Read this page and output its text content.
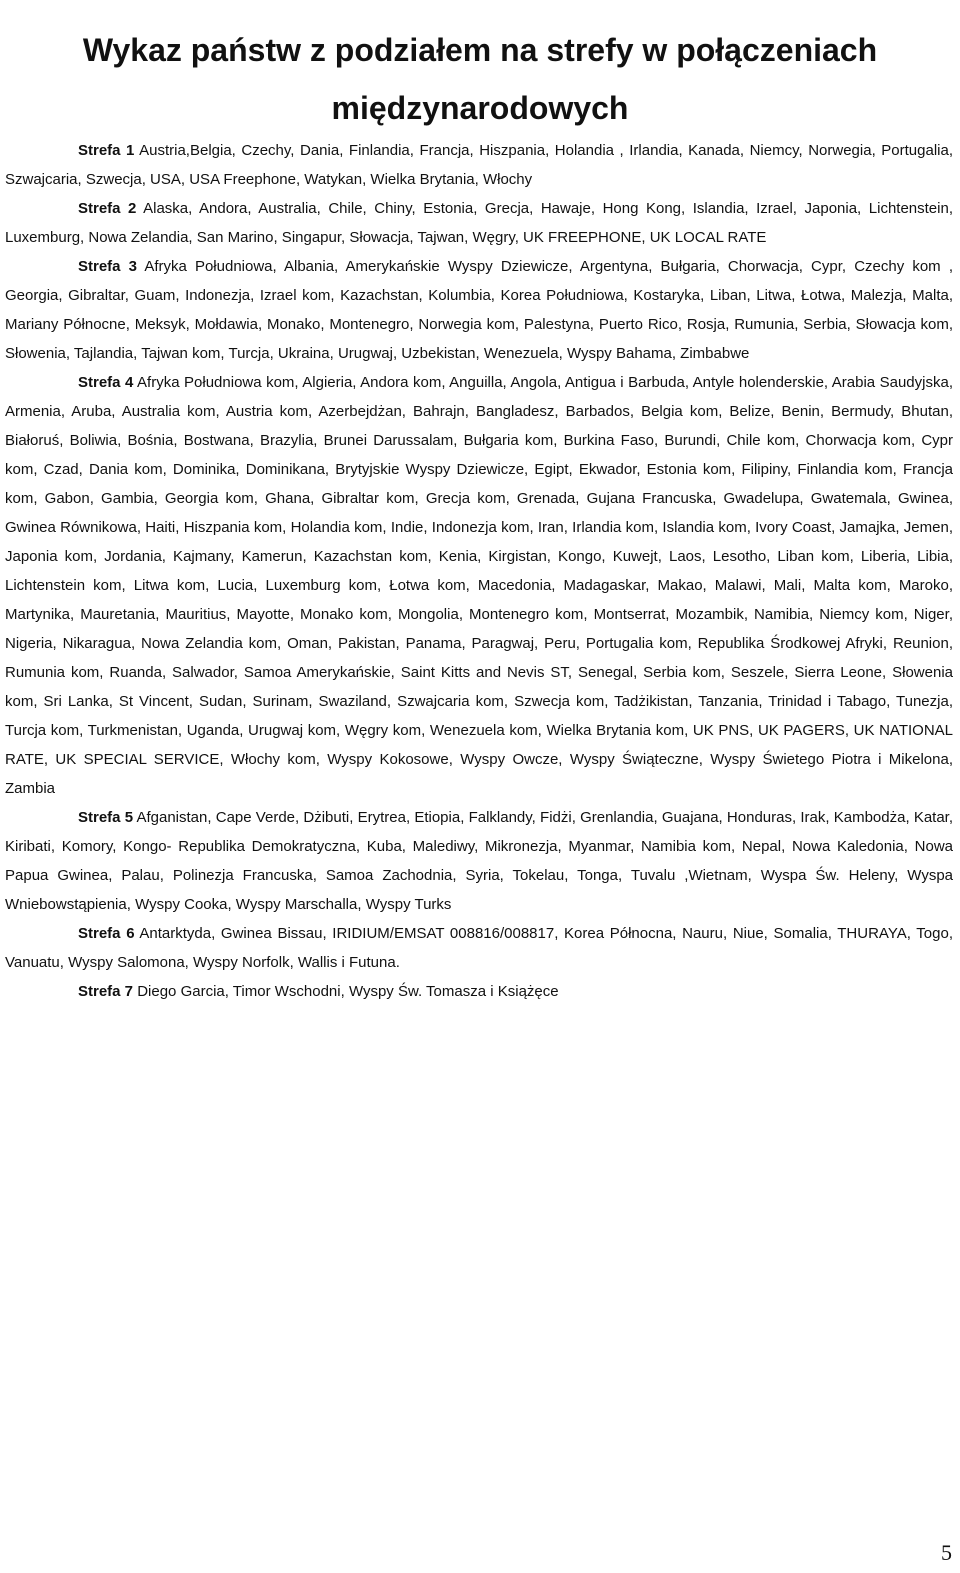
Wykaz państw z podziałem na strefy w połączeniach
międzynarodowych

Strefa 1 Austria,Belgia, Czechy, Dania, Finlandia, Francja, Hiszpania, Holandia , Irlandia, Kanada, Niemcy, Norwegia, Portugalia, Szwajcaria, Szwecja, USA, USA Freephone, Watykan, Wielka Brytania, Włochy

Strefa 2 Alaska, Andora, Australia, Chile, Chiny, Estonia, Grecja, Hawaje, Hong Kong, Islandia, Izrael, Japonia, Lichtenstein, Luxemburg, Nowa Zelandia, San Marino, Singapur, Słowacja, Tajwan, Węgry, UK FREEPHONE, UK LOCAL RATE

Strefa 3 Afryka Południowa, Albania, Amerykańskie Wyspy Dziewicze, Argentyna, Bułgaria, Chorwacja, Cypr, Czechy kom , Georgia, Gibraltar, Guam, Indonezja, Izrael kom, Kazachstan, Kolumbia, Korea Południowa, Kostaryka, Liban, Litwa, Łotwa, Malezja, Malta, Mariany Północne, Meksyk, Mołdawia, Monako, Montenegro, Norwegia kom, Palestyna, Puerto Rico, Rosja, Rumunia, Serbia, Słowacja kom, Słowenia, Tajlandia, Tajwan kom, Turcja, Ukraina, Urugwaj, Uzbekistan, Wenezuela, Wyspy Bahama, Zimbabwe

Strefa 4 Afryka Południowa kom, Algieria, Andora kom, Anguilla, Angola, Antigua i Barbuda, Antyle holenderskie, Arabia Saudyjska, Armenia, Aruba, Australia kom, Austria kom, Azerbejdżan, Bahrajn, Bangladesz, Barbados, Belgia kom, Belize, Benin, Bermudy, Bhutan, Białoruś, Boliwia, Bośnia, Bostwana, Brazylia, Brunei Darussalam, Bułgaria kom, Burkina Faso, Burundi, Chile kom, Chorwacja kom, Cypr kom, Czad, Dania kom, Dominika, Dominikana, Brytyjskie Wyspy Dziewicze, Egipt, Ekwador, Estonia kom, Filipiny, Finlandia kom, Francja kom, Gabon, Gambia, Georgia kom, Ghana, Gibraltar kom, Grecja kom, Grenada, Gujana Francuska, Gwadelupa, Gwatemala, Gwinea, Gwinea Równikowa, Haiti, Hiszpania kom, Holandia kom, Indie, Indonezja kom, Iran, Irlandia kom, Islandia kom, Ivory Coast, Jamajka, Jemen, Japonia kom, Jordania, Kajmany, Kamerun, Kazachstan kom, Kenia, Kirgistan, Kongo, Kuwejt, Laos, Lesotho, Liban kom, Liberia, Libia, Lichtenstein kom, Litwa kom, Lucia, Luxemburg kom, Łotwa kom, Macedonia, Madagaskar, Makao, Malawi, Mali, Malta kom, Maroko, Martynika, Mauretania, Mauritius, Mayotte, Monako kom, Mongolia, Montenegro kom, Montserrat, Mozambik, Namibia, Niemcy kom, Niger, Nigeria, Nikaragua, Nowa Zelandia kom, Oman, Pakistan, Panama, Paragwaj, Peru, Portugalia kom, Republika Środkowej Afryki, Reunion, Rumunia kom, Ruanda, Salwador, Samoa Amerykańskie, Saint Kitts and Nevis ST, Senegal, Serbia kom, Seszele, Sierra Leone, Słowenia kom, Sri Lanka, St Vincent, Sudan, Surinam, Swaziland, Szwajcaria kom, Szwecja kom, Tadżikistan, Tanzania, Trinidad i Tabago, Tunezja, Turcja kom, Turkmenistan, Uganda, Urugwaj kom, Węgry kom, Wenezuela kom, Wielka Brytania kom, UK PNS, UK PAGERS, UK NATIONAL RATE, UK SPECIAL SERVICE, Włochy kom, Wyspy Kokosowe, Wyspy Owcze, Wyspy Świąteczne, Wyspy Świetego Piotra i Mikelona, Zambia

Strefa 5 Afganistan, Cape Verde, Dżibuti, Erytrea, Etiopia, Falklandy, Fidżi, Grenlandia, Guajana, Honduras, Irak, Kambodża, Katar, Kiribati, Komory, Kongo- Republika Demokratyczna, Kuba, Malediwy, Mikronezja, Myanmar, Namibia kom, Nepal, Nowa Kaledonia, Nowa Papua Gwinea, Palau, Polinezja Francuska, Samoa Zachodnia, Syria, Tokelau, Tonga, Tuvalu ,Wietnam, Wyspa Św. Heleny, Wyspa Wniebowstąpienia, Wyspy Cooka, Wyspy Marschalla, Wyspy Turks

Strefa 6 Antarktyda, Gwinea Bissau, IRIDIUM/EMSAT 008816/008817, Korea Północna, Nauru, Niue, Somalia, THURAYA, Togo, Vanuatu, Wyspy Salomona, Wyspy Norfolk, Wallis i Futuna.

Strefa 7 Diego Garcia, Timor Wschodni, Wyspy Św. Tomasza i Książęce

5
